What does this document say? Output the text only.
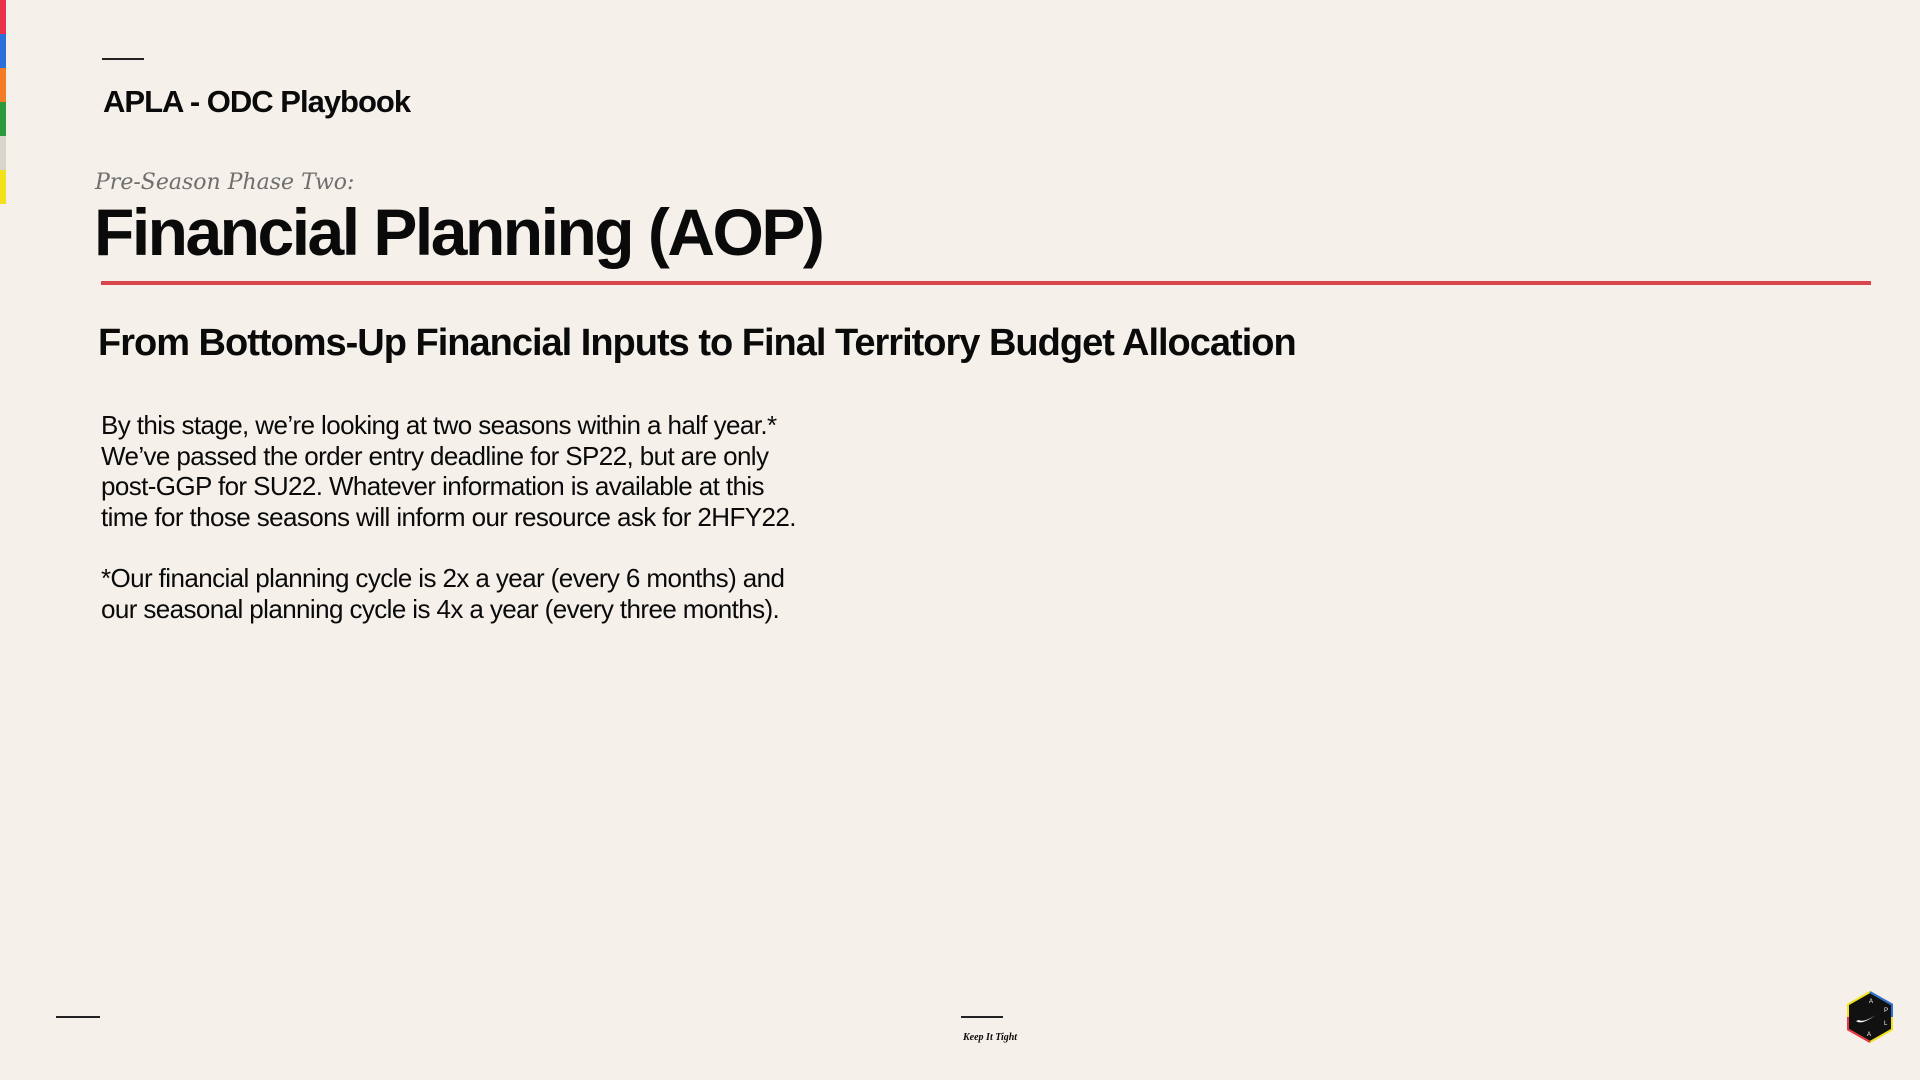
APLA - ODC Playbook
Pre-Season Phase Two:
Financial Planning (AOP)
From Bottoms-Up Financial Inputs to Final Territory Budget Allocation

By this stage, we’re looking at two seasons within a half year.*
We’ve passed the order entry deadline for SP22, but are only
post-GGP for SU22. Whatever information is available at this
time for those seasons will inform our resource ask for 2HFY22.

*Our financial planning cycle is 2x a year (every 6 months) and
our seasonal planning cycle is 4x a year (every three months).

Keep It Tight
A
P
L
A
